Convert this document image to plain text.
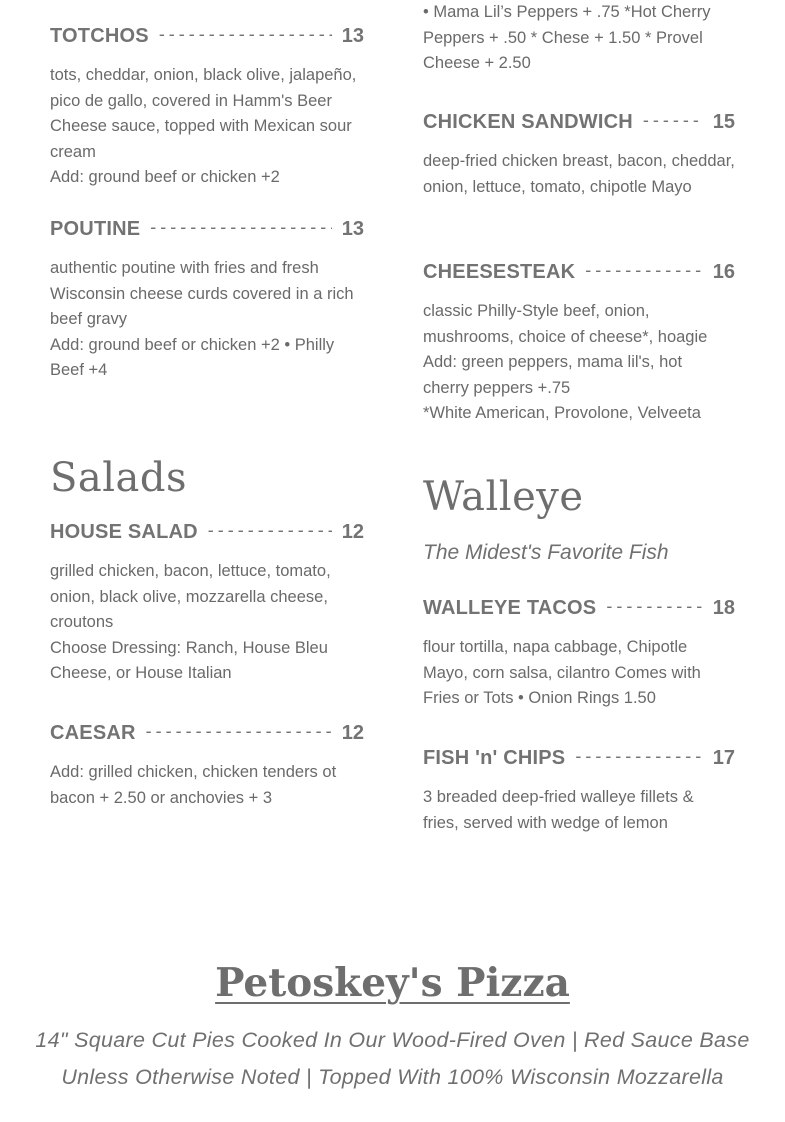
TOTCHOS - - -	13
tots, cheddar, onion, black olive, jalapeño, pico de gallo, covered in Hamm's Beer Cheese sauce, topped with Mexican sour cream
Add: ground beef or chicken +2
POUTINE - - -	13
authentic poutine with fries and fresh Wisconsin cheese curds covered in a rich beef gravy
Add: ground beef or chicken +2 • Philly Beef +4
Salads
HOUSE SALAD - - -	12
grilled chicken, bacon, lettuce, tomato, onion, black olive, mozzarella cheese, croutons
Choose Dressing: Ranch, House Bleu Cheese, or House Italian
CAESAR - - -	12
Add: grilled chicken, chicken tenders ot bacon + 2.50 or anchovies + 3
• Mama Lil’s Peppers + .75 *Hot Cherry Peppers + .50 * Chese + 1.50 * Provel Cheese + 2.50
CHICKEN SANDWICH - - -	15
deep-fried chicken breast, bacon, cheddar, onion, lettuce, tomato, chipotle Mayo
CHEESESTEAK - - -	16
classic Philly-Style beef, onion, mushrooms, choice of cheese*, hoagie
Add: green peppers, mama lil's, hot cherry peppers +.75
*White American, Provolone, Velveeta
Walleye
The Midest's Favorite Fish
WALLEYE TACOS - - -	18
flour tortilla, napa cabbage, Chipotle Mayo, corn salsa, cilantro Comes with Fries or Tots • Onion Rings 1.50
FISH 'n' CHIPS - - -	17
3 breaded deep-fried walleye fillets & fries, served with wedge of lemon
Petoskey's Pizza
14" Square Cut Pies Cooked In Our Wood-Fired Oven | Red Sauce Base Unless Otherwise Noted | Topped With 100% Wisconsin Mozzarella
